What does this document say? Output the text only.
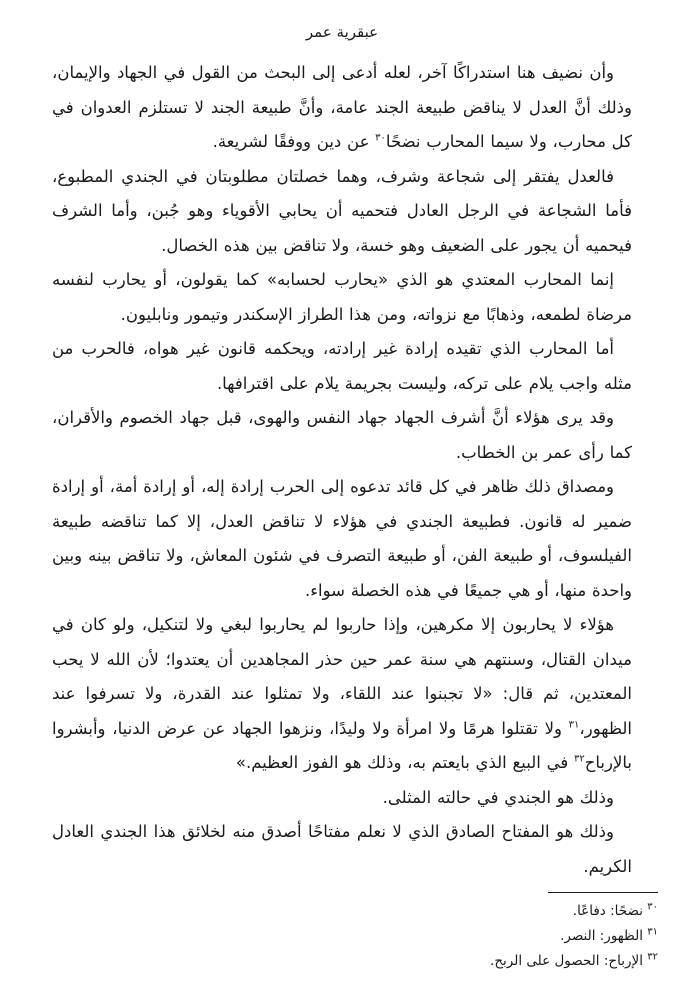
عبقرية عمر

وأن نضيف هنا استدراكًا آخر، لعله أدعى إلى البحث من القول في الجهاد والإيمان، وذلك أنَّ العدل لا يناقض طبيعة الجند عامة، وأنَّ طبيعة الجند لا تستلزم العدوان في كل محارب، ولا سيما المحارب نضحًا$^{٣٠}$ عن دين ووفقًا لشريعة.

فالعدل يفتقر إلى شجاعة وشرف، وهما خصلتان مطلوبتان في الجندي المطبوع، فأما الشجاعة في الرجل العادل فتحميه أن يحابي الأقوياء وهو جُبن، وأما الشرف فيحميه أن يجور على الضعيف وهو خسة، ولا تناقض بين هذه الخصال.

إنما المحارب المعتدي هو الذي «يحارب لحسابه» كما يقولون، أو يحارب لنفسه مرضاة لطمعه، وذهابًا مع نزواته، ومن هذا الطراز الإسكندر وتيمور ونابليون.

أما المحارب الذي تقيده إرادة غير إرادته، ويحكمه قانون غير هواه، فالحرب من مثله واجب يلام على تركه، وليست بجريمة يلام على اقترافها.

وقد يرى هؤلاء أنَّ أشرف الجهاد جهاد النفس والهوى، قبل جهاد الخصوم والأقران، كما رأى عمر بن الخطاب.

ومصداق ذلك ظاهر في كل قائد تدعوه إلى الحرب إرادة إله، أو إرادة أمة، أو إرادة ضمير له قانون. فطبيعة الجندي في هؤلاء لا تناقض العدل، إلا كما تناقضه طبيعة الفيلسوف، أو طبيعة الفن، أو طبيعة التصرف في شئون المعاش، ولا تناقض بينه وبين واحدة منها، أو هي جميعًا في هذه الخصلة سواء.

هؤلاء لا يحاربون إلا مكرهين، وإذا حاربوا لم يحاربوا لبغي ولا لتنكيل، ولو كان في ميدان القتال، وسنتهم هي سنة عمر حين حذر المجاهدين أن يعتدوا؛ لأن الله لا يحب المعتدين، ثم قال: «لا تجبنوا عند اللقاء، ولا تمثلوا عند القدرة، ولا تسرفوا عند الظهور،$^{٣١}$ ولا تقتلوا هرمًا ولا امرأة ولا وليدًا، ونزهوا الجهاد عن عرض الدنيا، وأبشروا بالإرباح$^{٣٢}$ في البيع الذي بايعتم به، وذلك هو الفوز العظيم.»

وذلك هو الجندي في حالته المثلى.

وذلك هو المفتاح الصادق الذي لا نعلم مفتاحًا أصدق منه لخلائق هذا الجندي العادل الكريم.

$^{٣٠}$ نضحًا: دفاعًا.

$^{٣١}$ الظهور: النصر.

$^{٣٢}$ الإرباح: الحصول على الربح.
